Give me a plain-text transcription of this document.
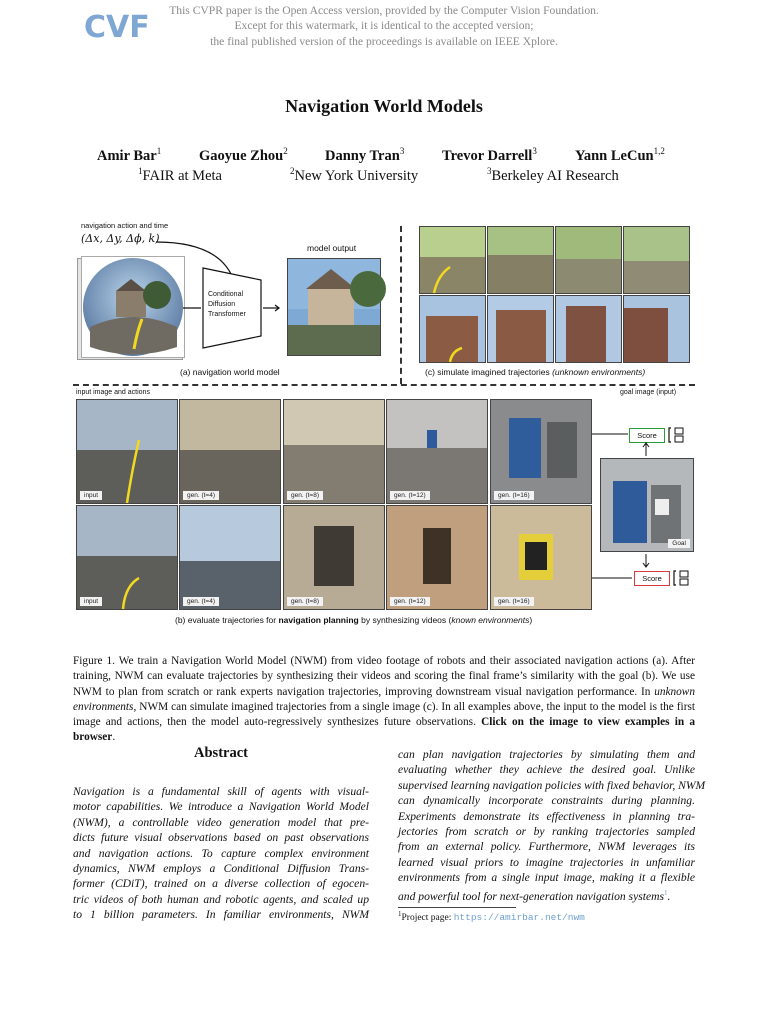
CVF	This CVPR paper is the Open Access version, provided by the Computer Vision Foundation.
Except for this watermark, it is identical to the accepted version;
the final published version of the proceedings is available on IEEE Xplore.
Navigation World Models
Amir Bar$^1$	Gaoyue Zhou$^2$	Danny Tran$^3$	Trevor Darrell$^3$	Yann LeCun$^{1,2}$
$^1$FAIR at Meta	$^2$New York University	$^3$Berkeley AI Research
navigation action and time
(Δx, Δy, Δϕ, k)
Conditional Diffusion Transformer
model output
(a) navigation world model	(c) simulate imagined trajectories (unknown environments)
input image and actions	goal image (input)
input	gen. (t=4)	gen. (t=8)	gen. (t=12)	gen. (t=16)
input	gen. (t=4)	gen. (t=8)	gen. (t=12)	gen. (t=16)
Score
Goal
Score
(b) evaluate trajectories for navigation planning by synthesizing videos (known environments)
Figure 1. We train a Navigation World Model (NWM) from video footage of robots and their associated navigation actions (a). After training, NWM can evaluate trajectories by synthesizing their videos and scoring the final frame’s similarity with the goal (b). We use NWM to plan from scratch or rank experts navigation trajectories, improving downstream visual navigation performance. In unknown environments, NWM can simulate imagined trajectories from a single image (c). In all examples above, the input to the model is the first image and actions, then the model auto-regressively synthesizes future observations. Click on the image to view examples in a browser.
Abstract
Navigation is a fundamental skill of agents with visual-
motor capabilities. We introduce a Navigation World Model
(NWM), a controllable video generation model that pre-
dicts future visual observations based on past observations
and navigation actions. To capture complex environment
dynamics, NWM employs a Conditional Diffusion Trans-
former (CDiT), trained on a diverse collection of egocen-
tric videos of both human and robotic agents, and scaled up
to 1 billion parameters. In familiar environments, NWM
can plan navigation trajectories by simulating them and
evaluating whether they achieve the desired goal. Unlike
supervised learning navigation policies with fixed behavior, NWM
can dynamically incorporate constraints during planning.
Experiments demonstrate its effectiveness in planning tra-
jectories from scratch or by ranking trajectories sampled
from an external policy. Furthermore, NWM leverages its
learned visual priors to imagine trajectories in unfamiliar
environments from a single input image, making it a flexible
and powerful tool for next-generation navigation systems$^1$.
$^1$Project page: https://amirbar.net/nwm
